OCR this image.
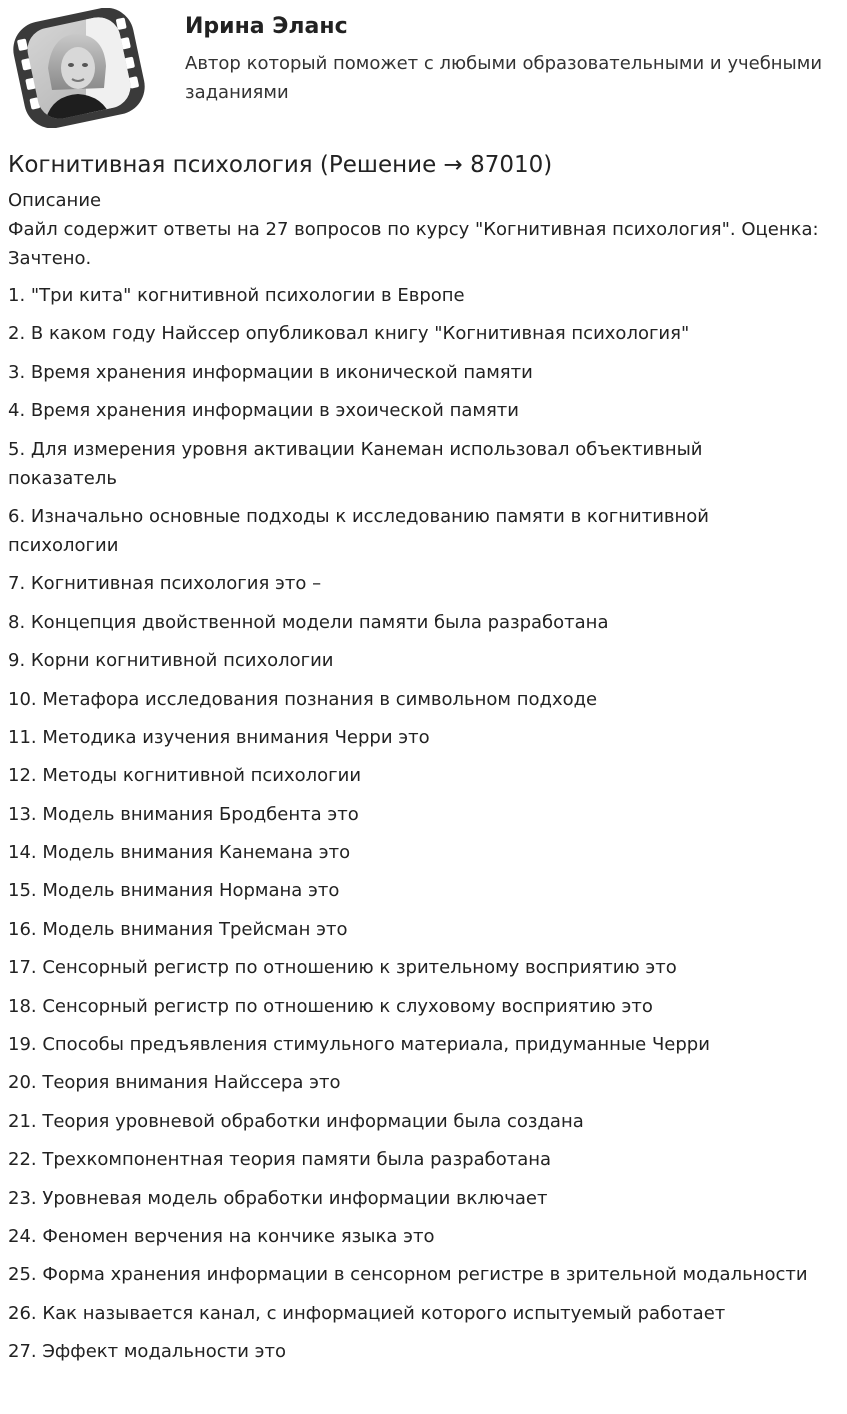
Ирина Эланс
Автор который поможет с любыми образовательными и учебными заданиями
Когнитивная психология (Решение → 87010)
Описание
Файл содержит ответы на 27 вопросов по курсу "Когнитивная психология". Оценка: Зачтено.
1. "Три кита" когнитивной психологии в Европе
2. В каком году Найссер опубликовал книгу "Когнитивная психология"
3. Время хранения информации в иконической памяти
4. Время хранения информации в эхоической памяти
5. Для измерения уровня активации Канеман использовал объективный показатель
6. Изначально основные подходы к исследованию памяти в когнитивной психологии
7. Когнитивная психология это –
8. Концепция двойственной модели памяти была разработана
9. Корни когнитивной психологии
10. Метафора исследования познания в символьном подходе
11. Методика изучения внимания Черри это
12. Методы когнитивной психологии
13. Модель внимания Бродбента это
14. Модель внимания Канемана это
15. Модель внимания Нормана это
16. Модель внимания Трейсман это
17. Сенсорный регистр по отношению к зрительному восприятию это
18. Сенсорный регистр по отношению к слуховому восприятию это
19. Способы предъявления стимульного материала, придуманные Черри
20. Теория внимания Найссера это
21. Теория уровневой обработки информации была создана
22. Трехкомпонентная теория памяти была разработана
23. Уровневая модель обработки информации включает
24. Феномен верчения на кончике языка это
25. Форма хранения информации в сенсорном регистре в зрительной модальности
26. Как называется канал, с информацией которого испытуемый работает
27. Эффект модальности это
